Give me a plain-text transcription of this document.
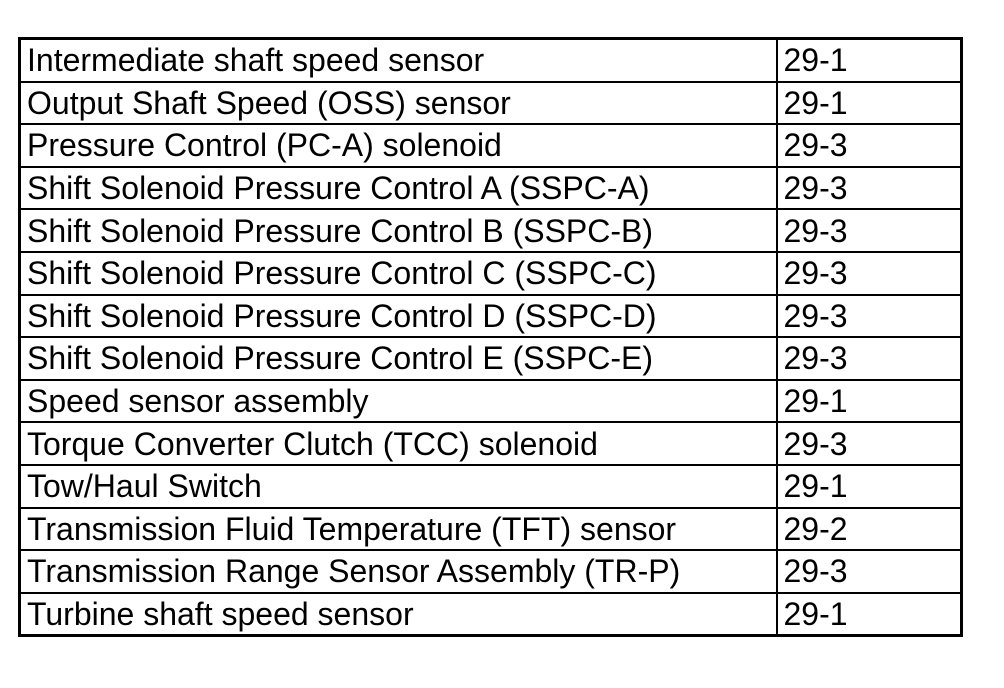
Intermediate shaft speed sensor	29-1
Output Shaft Speed (OSS) sensor	29-1
Pressure Control (PC-A) solenoid	29-3
Shift Solenoid Pressure Control A (SSPC-A)	29-3
Shift Solenoid Pressure Control B (SSPC-B)	29-3
Shift Solenoid Pressure Control C (SSPC-C)	29-3
Shift Solenoid Pressure Control D (SSPC-D)	29-3
Shift Solenoid Pressure Control E (SSPC-E)	29-3
Speed sensor assembly	29-1
Torque Converter Clutch (TCC) solenoid	29-3
Tow/Haul Switch	29-1
Transmission Fluid Temperature (TFT) sensor	29-2
Transmission Range Sensor Assembly (TR-P)	29-3
Turbine shaft speed sensor	29-1
